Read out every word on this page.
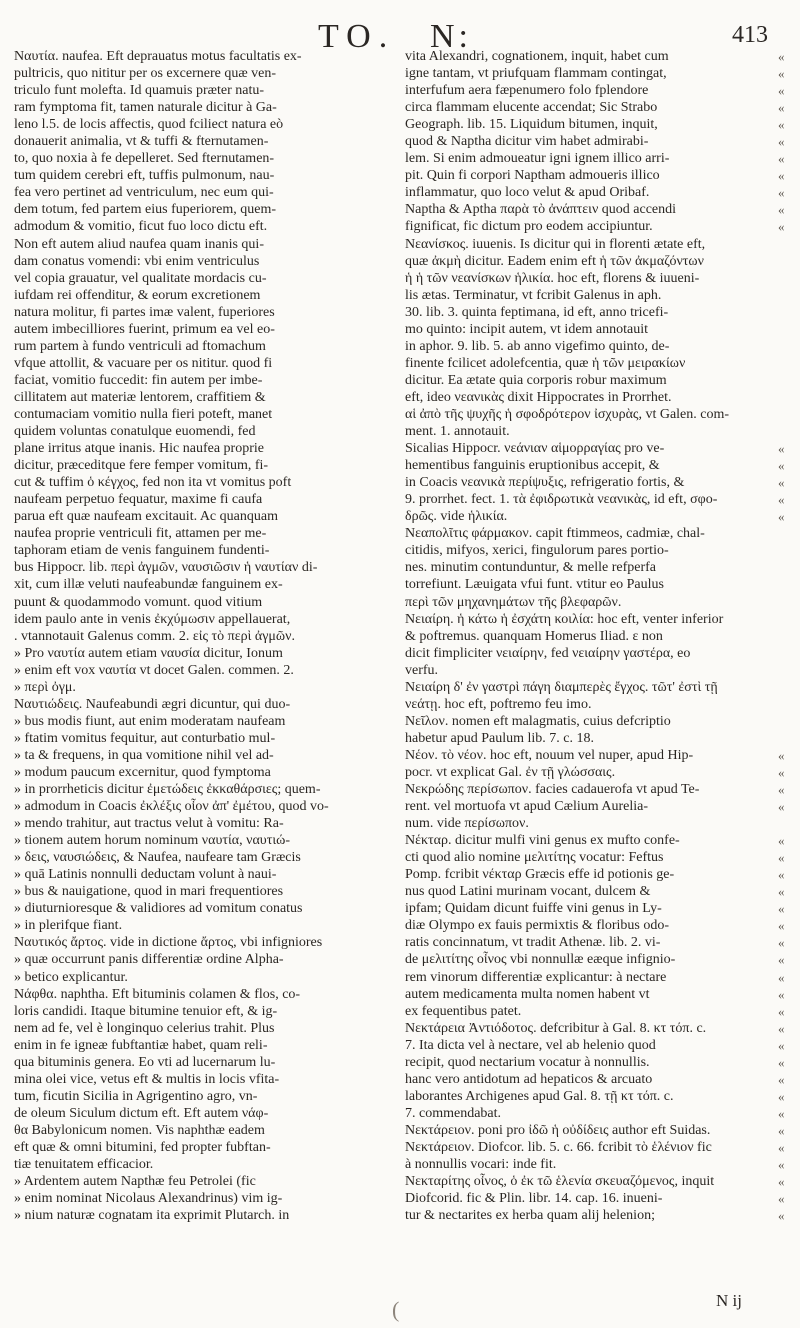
TO. N:	413
Ναυτία. naufea. Eft deprauatus motus facultatis ex-
pultricis, quo nititur per os excernere quæ ven-
triculo funt molefta. Id quamuis præter natu-
ram fymptoma fit, tamen naturale dicitur à Ga-
leno l.5. de locis affectis, quod fciliect natura eò
donauerit animalia, vt & tuffi & fternutamen-
to, quo noxia à fe depelleret. Sed fternutamen-
tum quidem cerebri eft, tuffis pulmonum, nau-
fea vero pertinet ad ventriculum, nec eum qui-
dem totum, fed partem eius fuperiorem, quem-
admodum & vomitio, ficut fuo loco dictu eft.
Non eft autem aliud naufea quam inanis qui-
dam conatus vomendi: vbi enim ventriculus
vel copia grauatur, vel qualitate mordacis cu-
iufdam rei offenditur, & eorum excretionem
natura molitur, fi partes imæ valent, fuperiores
autem imbecilliores fuerint, primum ea vel eo-
rum partem à fundo ventriculi ad ftomachum
vfque attollit, & vacuare per os nititur. quod fi
faciat, vomitio fuccedit: fin autem per imbe-
cillitatem aut materiæ lentorem, craffitiem &
contumaciam vomitio nulla fieri poteft, manet
quidem voluntas conatulque euomendi, fed
plane irritus atque inanis. Hic naufea proprie
dicitur, præceditque fere femper vomitum, fi-
cut & tuffim ὁ κέγχος, fed non ita vt vomitus poft
naufeam perpetuo fequatur, maxime fi caufa
parua eft quæ naufeam excitauit. Ac quanquam
naufea proprie ventriculi fit, attamen per me-
taphoram etiam de venis fanguinem fundenti-
bus Hippocr. lib. περὶ ἀγμῶν, ναυσιῶσιν ἡ ναυτίαν di-
xit, cum illæ veluti naufeabundæ fanguinem ex-
puunt & quodammodo vomunt. quod vitium
idem paulo ante in venis ἐκχύμωσιν appellauerat,
. vtannotauit Galenus comm. 2. εἰς τὸ περὶ ἀγμῶν.
» Pro ναυτία autem etiam ναυσία dicitur, Ionum
» enim eft vox ναυτία vt docet Galen. commen. 2.
» περὶ ὀγμ.
Ναυτιώδεις. Naufeabundi ægri dicuntur, qui duo-
» bus modis fiunt, aut enim moderatam naufeam
» ftatim vomitus fequitur, aut conturbatio mul-
» ta & frequens, in qua vomitione nihil vel ad-
» modum paucum excernitur, quod fymptoma
» in prorrheticis dicitur ἐμετώδεις ἐκκαθάρσιες; quem-
» admodum in Coacis ἐκλέξις οἷον ἀπ' ἐμέτου, quod vo-
» mendo trahitur, aut tractus velut à vomitu: Ra-
» tionem autem horum nominum ναυτία, ναυτιώ-
» δεις, ναυσιώδεις, & Naufea, naufeare tam Græcis
» quā Latinis nonnulli deductam volunt à naui-
» bus & nauigatione, quod in mari frequentiores
» diuturnioresque & validiores ad vomitum conatus
» in plerifque fiant.
Ναυτικός ἄρτος. vide in dictione ἄρτος, vbi infigniores
» quæ occurrunt panis differentiæ ordine Alpha-
» betico explicantur.
Νάφθα. naphtha. Eft bituminis colamen & flos, co-
loris candidi. Itaque bitumine tenuior eft, & ig-
nem ad fe, vel è longinquo celerius trahit. Plus
enim in fe igneæ fubftantiæ habet, quam reli-
qua bituminis genera. Eo vti ad lucernarum lu-
mina olei vice, vetus eft & multis in locis vfita-
tum, ficutin Sicilia in Agrigentino agro, vn-
de oleum Siculum dictum eft. Eft autem νάφ-
θα Babylonicum nomen. Vis naphthæ eadem
eft quæ & omni bitumini, fed propter fubftan-
tiæ tenuitatem efficacior.
» Ardentem autem Napthæ feu Petrolei (fic
» enim nominat Nicolaus Alexandrinus) vim ig-
» nium naturæ cognatam ita exprimit Plutarch. in
vita Alexandri, cognationem, inquit, habet cum
igne tantam, vt priufquam flammam contingat,
interfufum aera fæpenumero folo fplendore
circa flammam elucente accendat; Sic Strabo
Geograph. lib. 15. Liquidum bitumen, inquit,
quod & Naptha dicitur vim habet admirabi-
lem. Si enim admoueatur igni ignem illico arri-
pit. Quin fi corpori Naptham admoueris illico
inflammatur, quo loco velut & apud Oribaf.
Naptha & Aptha παρὰ τὸ ἀνάπτειν quod accendi
fignificat, fic dictum pro eodem accipiuntur.
Νεανίσκος. iuuenis. Is dicitur qui in florenti ætate eft,
quæ ἀκμὴ dicitur. Eadem enim eft ἡ τῶν ἀκμαζόντων
ἡ ἡ τῶν νεανίσκων ἡλικία. hoc eft, florens & iuueni-
lis ætas. Terminatur, vt fcribit Galenus in aph.
30. lib. 3. quinta feptimana, id eft, anno tricefi-
mo quinto: incipit autem, vt idem annotauit
in aphor. 9. lib. 5. ab anno vigefimo quinto, de-
finente fcilicet adolefcentia, quæ ἡ τῶν μειρακίων
dicitur. Ea ætate quia corporis robur maximum
eft, ideo νεανικὰς dixit Hippocrates in Prorrhet.
αἱ ἀπὸ τῆς ψυχῆς ἡ σφοδρότερον ἰσχυρὰς, vt Galen. com-
ment. 1. annotauit.
Sicalias Hippocr. νεάνιαν αἱμορραγίας pro ve-
hementibus fanguinis eruptionibus accepit, &
in Coacis νεανικὰ περίψυξις, refrigeratio fortis, &
9. prorrhet. fect. 1. τὰ ἐφιδρωτικὰ νεανικὰς, id eft, σφο-
δρῶς. vide ἡλικία.
Νεαπολῖτις φάρμακον. capit ftimmeos, cadmiæ, chal-
citidis, mifyos, xerici, fingulorum pares portio-
nes. minutim contunduntur, & melle refperfa
torrefiunt. Læuigata vfui funt. vtitur eo Paulus
περὶ τῶν μηχανημάτων τῆς βλεφαρῶν.
Νειαίρη. ἡ κάτω ἡ ἐσχάτη κοιλία: hoc eft, venter inferior
& poftremus. quanquam Homerus Iliad. ε non
dicit fimpliciter νειαίρην, fed νειαίρην γαστέρα, eo
verfu.
Νειαίρη δ' ἐν γαστρὶ πάγη διαμπερὲς ἔγχος. τῶτ' ἐστὶ τῇ
νεάτῃ. hoc eft, poftremo feu imo.
Νεῖλον. nomen eft malagmatis, cuius defcriptio
habetur apud Paulum lib. 7. c. 18.
Νέον. τὸ νέον. hoc eft, nouum vel nuper, apud Hip-
pocr. vt explicat Gal. ἐν τῇ γλώσσαις.
Νεκρώδης περίσωπον. facies cadauerofa vt apud Te-
rent. vel mortuofa vt apud Cælium Aurelia-
num. vide περίσωπον.
Νέκταρ. dicitur mulfi vini genus ex mufto confe-
cti quod alio nomine μελιτίτης vocatur: Feftus
Pomp. fcribit νέκταρ Græcis effe id potionis ge-
nus quod Latini murinam vocant, dulcem &
ipfam; Quidam dicunt fuiffe vini genus in Ly-
diæ Olympo ex fauis permixtis & floribus odo-
ratis concinnatum, vt tradit Athenæ. lib. 2. vi-
de μελιτίτης οἶνος vbi nonnullæ eæque infignio-
rem vinorum differentiæ explicantur: à nectare
autem medicamenta multa nomen habent vt
ex fequentibus patet.
Νεκτάρεια Ἀντιόδοτος. defcribitur à Gal. 8. κτ τόπ. c.
7. Ita dicta vel à nectare, vel ab helenio quod
recipit, quod nectarium vocatur à nonnullis.
hanc vero antidotum ad hepaticos & arcuato
laborantes Archigenes apud Gal. 8. τῇ κτ τόπ. c.
7. commendabat.
Νεκτάρειον. poni pro ἰδῶ ἡ οὐδίδεις author eft Suidas.
Νεκτάρειον. Diofcor. lib. 5. c. 66. fcribit τὸ ἑλένιον fic
à nonnullis vocari: inde fit.
Νεκταρίτης οἶνος, ὁ ἐκ τῶ ἑλενία σκευαζόμενος, inquit
Diofcorid. fic & Plin. libr. 14. cap. 16. inueni-
tur & nectarites ex herba quam alij helenion;
«
«
«
«
«
«
«
«
«
«
«
«
«
«
«
«
«
«
«
«
«
«
«
«
«
«
«
«
«
«
«
«
«
«
«
«
«
«
«
«
«
«
«
(	N ij
